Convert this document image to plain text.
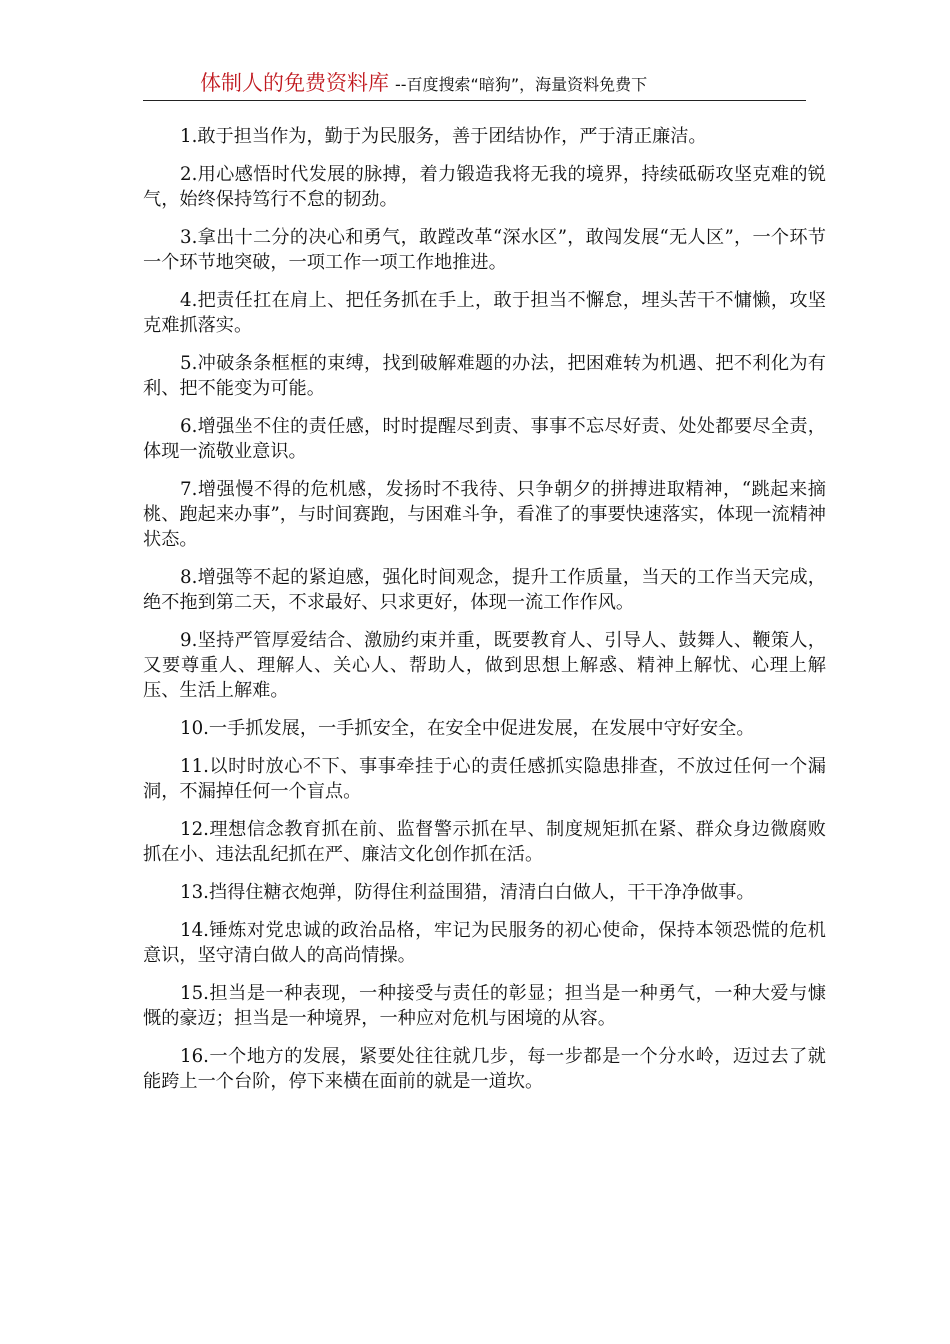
体制人的免费资料库 --百度搜索“暗狗”，海量资料免费下

1.敢于担当作为，勤于为民服务，善于团结协作，严于清正廉洁。

2.用心感悟时代发展的脉搏，着力锻造我将无我的境界，持续砥砺攻坚克难的锐气，始终保持笃行不怠的韧劲。

3.拿出十二分的决心和勇气，敢蹚改革“深水区”，敢闯发展“无人区”，一个环节一个环节地突破，一项工作一项工作地推进。

4.把责任扛在肩上、把任务抓在手上，敢于担当不懈怠，埋头苦干不慵懒，攻坚克难抓落实。

5.冲破条条框框的束缚，找到破解难题的办法，把困难转为机遇、把不利化为有利、把不能变为可能。

6.增强坐不住的责任感，时时提醒尽到责、事事不忘尽好责、处处都要尽全责，体现一流敬业意识。

7.增强慢不得的危机感，发扬时不我待、只争朝夕的拼搏进取精神，“跳起来摘桃、跑起来办事”，与时间赛跑，与困难斗争，看准了的事要快速落实，体现一流精神状态。

8.增强等不起的紧迫感，强化时间观念，提升工作质量，当天的工作当天完成，绝不拖到第二天，不求最好、只求更好，体现一流工作作风。

9.坚持严管厚爱结合、激励约束并重，既要教育人、引导人、鼓舞人、鞭策人，又要尊重人、理解人、关心人、帮助人，做到思想上解惑、精神上解忧、心理上解压、生活上解难。

10.一手抓发展，一手抓安全，在安全中促进发展，在发展中守好安全。

11.以时时放心不下、事事牵挂于心的责任感抓实隐患排查，不放过任何一个漏洞，不漏掉任何一个盲点。

12.理想信念教育抓在前、监督警示抓在早、制度规矩抓在紧、群众身边微腐败抓在小、违法乱纪抓在严、廉洁文化创作抓在活。

13.挡得住糖衣炮弹，防得住利益围猎，清清白白做人，干干净净做事。

14.锤炼对党忠诚的政治品格，牢记为民服务的初心使命，保持本领恐慌的危机意识，坚守清白做人的高尚情操。

15.担当是一种表现，一种接受与责任的彰显；担当是一种勇气，一种大爱与慷慨的豪迈；担当是一种境界，一种应对危机与困境的从容。

16.一个地方的发展，紧要处往往就几步，每一步都是一个分水岭，迈过去了就能跨上一个台阶，停下来横在面前的就是一道坎。
